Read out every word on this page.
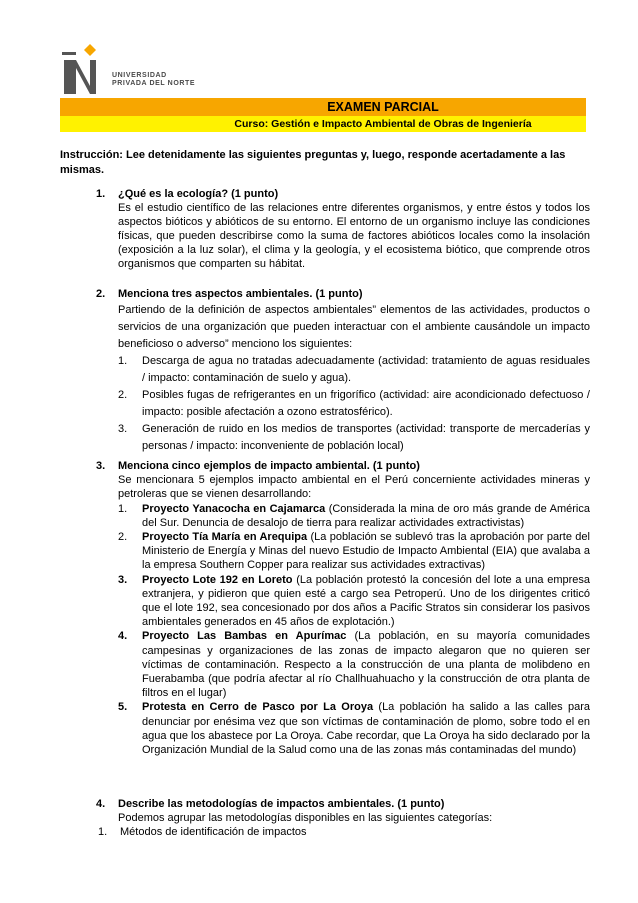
UNIVERSIDAD
PRIVADA DEL NORTE
EXAMEN PARCIAL
Curso: Gestión e Impacto Ambiental de Obras de Ingeniería
Instrucción: Lee detenidamente las siguientes preguntas y, luego, responde acertadamente a las mismas.
1. ¿Qué es la ecología? (1 punto)
Es el estudio científico de las relaciones entre diferentes organismos, y entre éstos y todos los aspectos bióticos y abióticos de su entorno. El entorno de un organismo incluye las condiciones físicas, que pueden describirse como la suma de factores abióticos locales como la insolación (exposición a la luz solar), el clima y la geología, y el ecosistema biótico, que comprende otros organismos que comparten su hábitat.
2. Menciona tres aspectos ambientales. (1 punto)
Partiendo de la definición de aspectos ambientales” elementos de las actividades, productos o servicios de una organización que pueden interactuar con el ambiente causándole un impacto beneficioso o adverso” menciono los siguientes:
1. Descarga de agua no tratadas adecuadamente (actividad: tratamiento de aguas residuales / impacto: contaminación de suelo y agua).
2. Posibles fugas de refrigerantes en un frigorífico (actividad: aire acondicionado defectuoso / impacto: posible afectación a ozono estratosférico).
3. Generación de ruido en los medios de transportes (actividad: transporte de mercaderías y personas / impacto: inconveniente de población local)
3. Menciona cinco ejemplos de impacto ambiental. (1 punto)
Se mencionara 5 ejemplos impacto ambiental en el Perú concerniente actividades mineras y petroleras que se vienen desarrollando:
1. Proyecto Yanacocha en Cajamarca (Considerada la mina de oro más grande de América del Sur. Denuncia de desalojo de tierra para realizar actividades extractivistas)
2. Proyecto Tía María en Arequipa (La población se sublevó tras la aprobación por parte del Ministerio de Energía y Minas del nuevo Estudio de Impacto Ambiental (EIA) que avalaba a la empresa Southern Copper para realizar sus actividades extractivas)
3. Proyecto Lote 192 en Loreto (La población protestó la concesión del lote a una empresa extranjera, y pidieron que quien esté a cargo sea Petroperú. Uno de los dirigentes criticó que el lote 192, sea concesionado por dos años a Pacific Stratos sin considerar los pasivos ambientales generados en 45 años de explotación.)
4. Proyecto Las Bambas en Apurímac (La población, en su mayoría comunidades campesinas y organizaciones de las zonas de impacto alegaron que no quieren ser víctimas de contaminación. Respecto a la construcción de una planta de molibdeno en Fuerabamba (que podría afectar al río Challhuahuacho y la construcción de otra planta de filtros en el lugar)
5. Protesta en Cerro de Pasco por La Oroya (La población ha salido a las calles para denunciar por enésima vez que son víctimas de contaminación de plomo, sobre todo el en agua que los abastece por La Oroya. Cabe recordar, que La Oroya ha sido declarado por la Organización Mundial de la Salud como una de las zonas más contaminadas del mundo)
4. Describe las metodologías de impactos ambientales. (1 punto)
Podemos agrupar las metodologías disponibles en las siguientes categorías:
1. Métodos de identificación de impactos
